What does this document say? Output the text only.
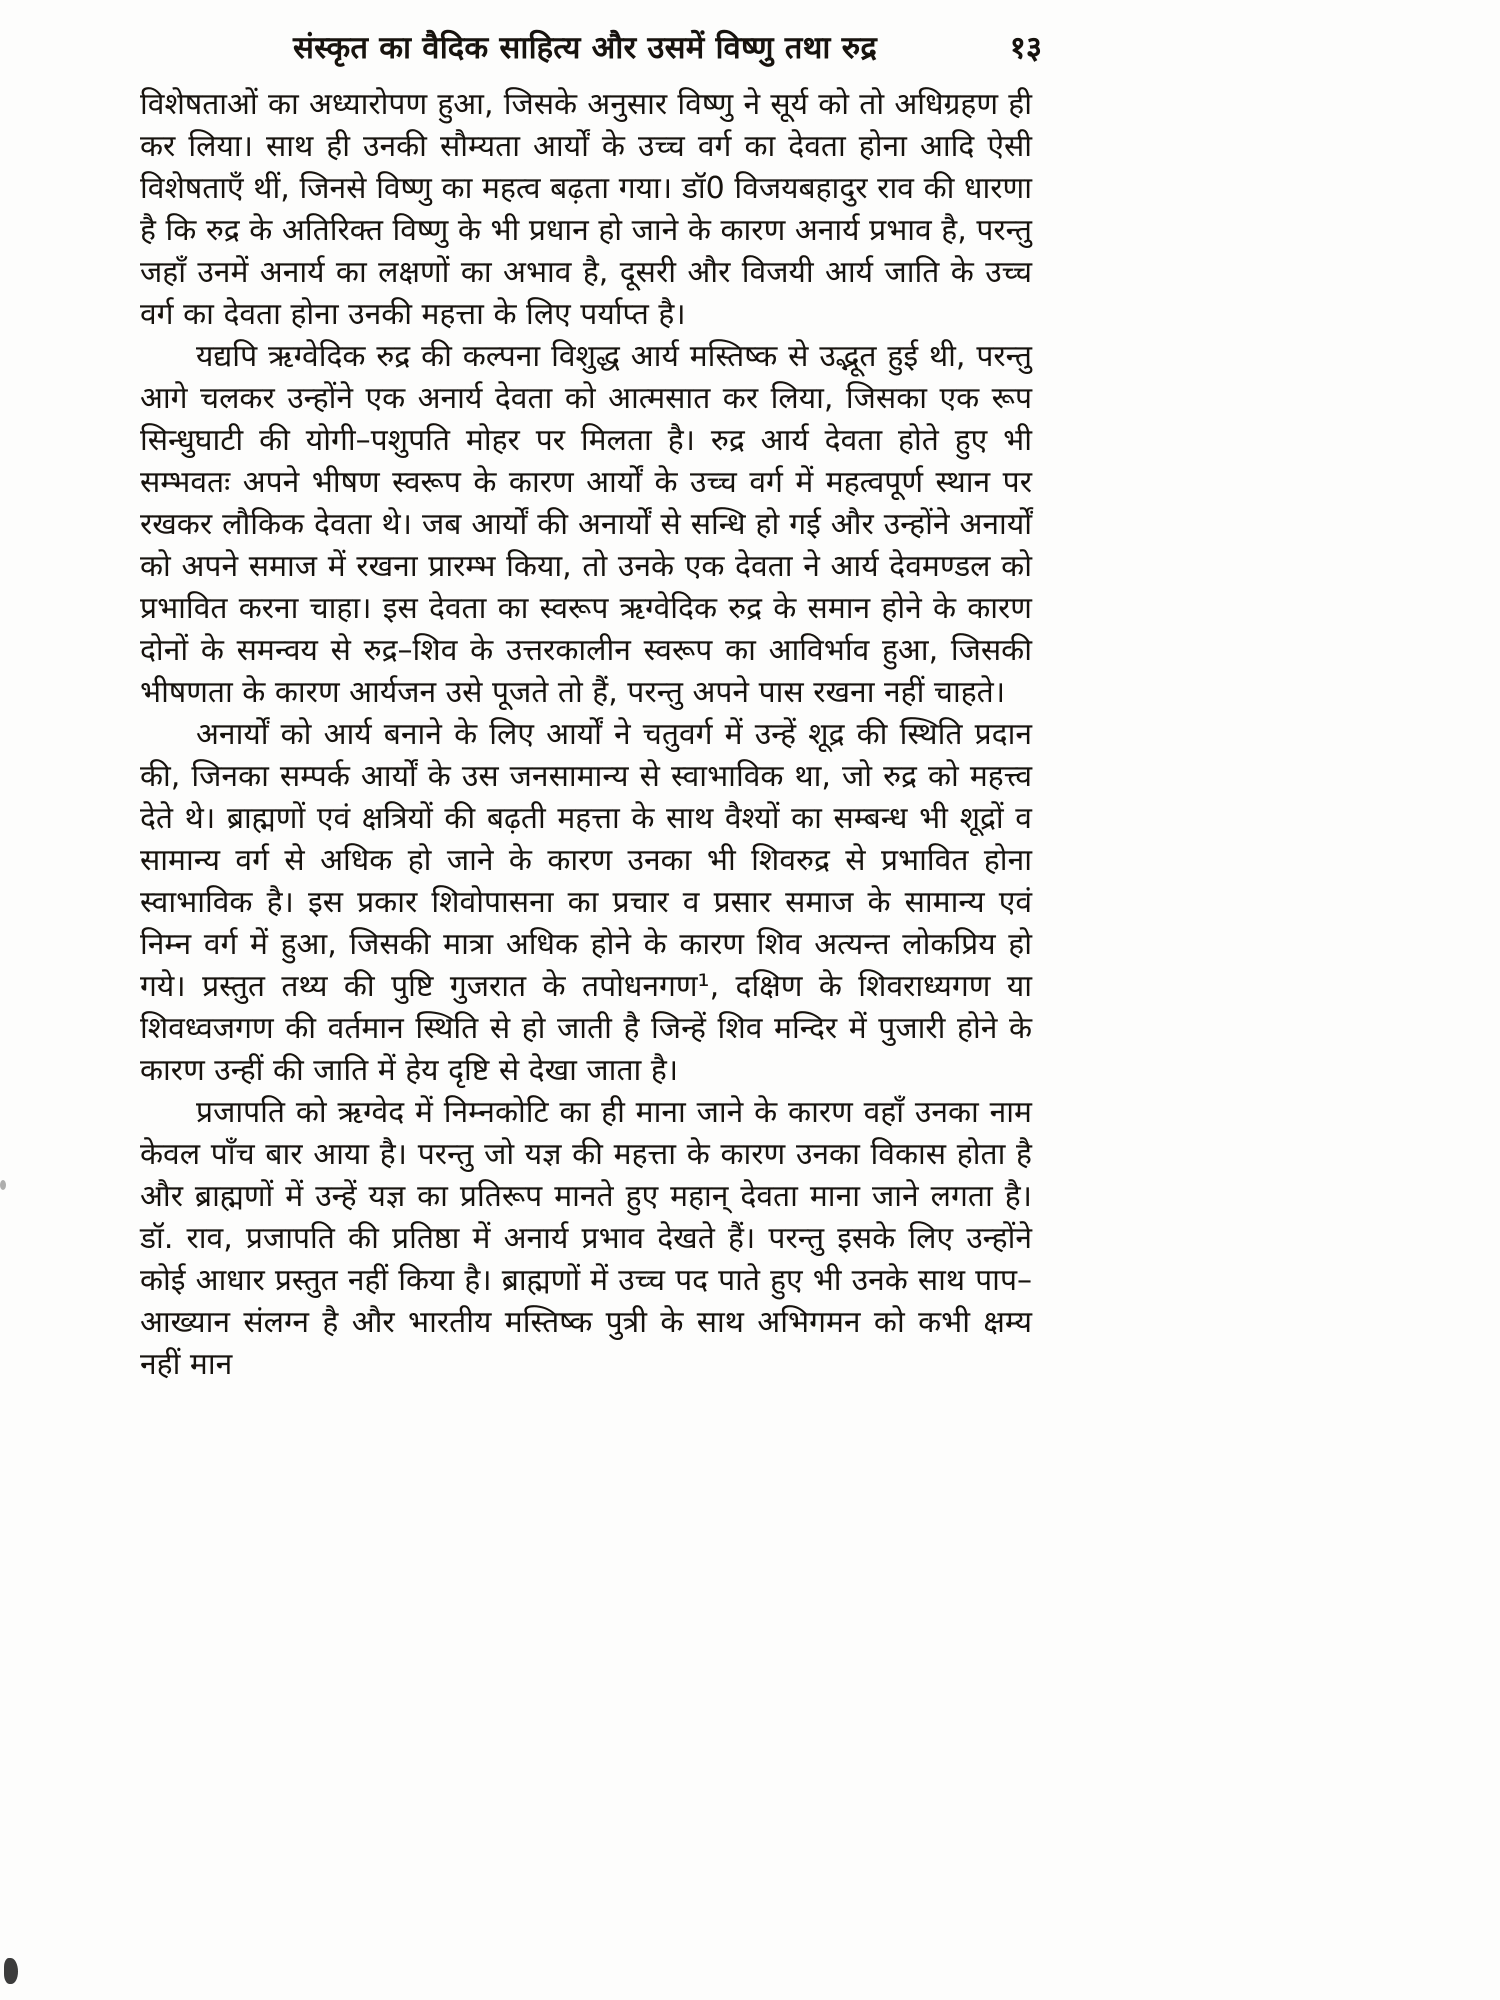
संस्कृत का वैदिक साहित्य और उसमें विष्णु तथा रुद्र	१३

विशेषताओं का अध्यारोपण हुआ, जिसके अनुसार विष्णु ने सूर्य को तो अधिग्रहण ही कर लिया। साथ ही उनकी सौम्यता आर्यों के उच्च वर्ग का देवता होना आदि ऐसी विशेषताएँ थीं, जिनसे विष्णु का महत्व बढ़ता गया। डॉ0 विजयबहादुर राव की धारणा है कि रुद्र के अतिरिक्त विष्णु के भी प्रधान हो जाने के कारण अनार्य प्रभाव है, परन्तु जहाँ उनमें अनार्य का लक्षणों का अभाव है, दूसरी और विजयी आर्य जाति के उच्च वर्ग का देवता होना उनकी महत्ता के लिए पर्याप्त है।

यद्यपि ऋग्वेदिक रुद्र की कल्पना विशुद्ध आर्य मस्तिष्क से उद्भूत हुई थी, परन्तु आगे चलकर उन्होंने एक अनार्य देवता को आत्मसात कर लिया, जिसका एक रूप सिन्धुघाटी की योगी–पशुपति मोहर पर मिलता है। रुद्र आर्य देवता होते हुए भी सम्भवतः अपने भीषण स्वरूप के कारण आर्यों के उच्च वर्ग में महत्वपूर्ण स्थान पर रखकर लौकिक देवता थे। जब आर्यों की अनार्यों से सन्धि हो गई और उन्होंने अनार्यों को अपने समाज में रखना प्रारम्भ किया, तो उनके एक देवता ने आर्य देवमण्डल को प्रभावित करना चाहा। इस देवता का स्वरूप ऋग्वेदिक रुद्र के समान होने के कारण दोनों के समन्वय से रुद्र–शिव के उत्तरकालीन स्वरूप का आविर्भाव हुआ, जिसकी भीषणता के कारण आर्यजन उसे पूजते तो हैं, परन्तु अपने पास रखना नहीं चाहते।

अनार्यों को आर्य बनाने के लिए आर्यों ने चतुवर्ग में उन्हें शूद्र की स्थिति प्रदान की, जिनका सम्पर्क आर्यों के उस जनसामान्य से स्वाभाविक था, जो रुद्र को महत्त्व देते थे। ब्राह्मणों एवं क्षत्रियों की बढ़ती महत्ता के साथ वैश्यों का सम्बन्ध भी शूद्रों व सामान्य वर्ग से अधिक हो जाने के कारण उनका भी शिवरुद्र से प्रभावित होना स्वाभाविक है। इस प्रकार शिवोपासना का प्रचार व प्रसार समाज के सामान्य एवं निम्न वर्ग में हुआ, जिसकी मात्रा अधिक होने के कारण शिव अत्यन्त लोकप्रिय हो गये। प्रस्तुत तथ्य की पुष्टि गुजरात के तपोधनगण¹, दक्षिण के शिवराध्यगण या शिवध्वजगण की वर्तमान स्थिति से हो जाती है जिन्हें शिव मन्दिर में पुजारी होने के कारण उन्हीं की जाति में हेय दृष्टि से देखा जाता है।

प्रजापति को ऋग्वेद में निम्नकोटि का ही माना जाने के कारण वहाँ उनका नाम केवल पाँच बार आया है। परन्तु जो यज्ञ की महत्ता के कारण उनका विकास होता है और ब्राह्मणों में उन्हें यज्ञ का प्रतिरूप मानते हुए महान् देवता माना जाने लगता है। डॉ. राव, प्रजापति की प्रतिष्ठा में अनार्य प्रभाव देखते हैं। परन्तु इसके लिए उन्होंने कोई आधार प्रस्तुत नहीं किया है। ब्राह्मणों में उच्च पद पाते हुए भी उनके साथ पाप–आख्यान संलग्न है और भारतीय मस्तिष्क पुत्री के साथ अभिगमन को कभी क्षम्य नहीं मान
